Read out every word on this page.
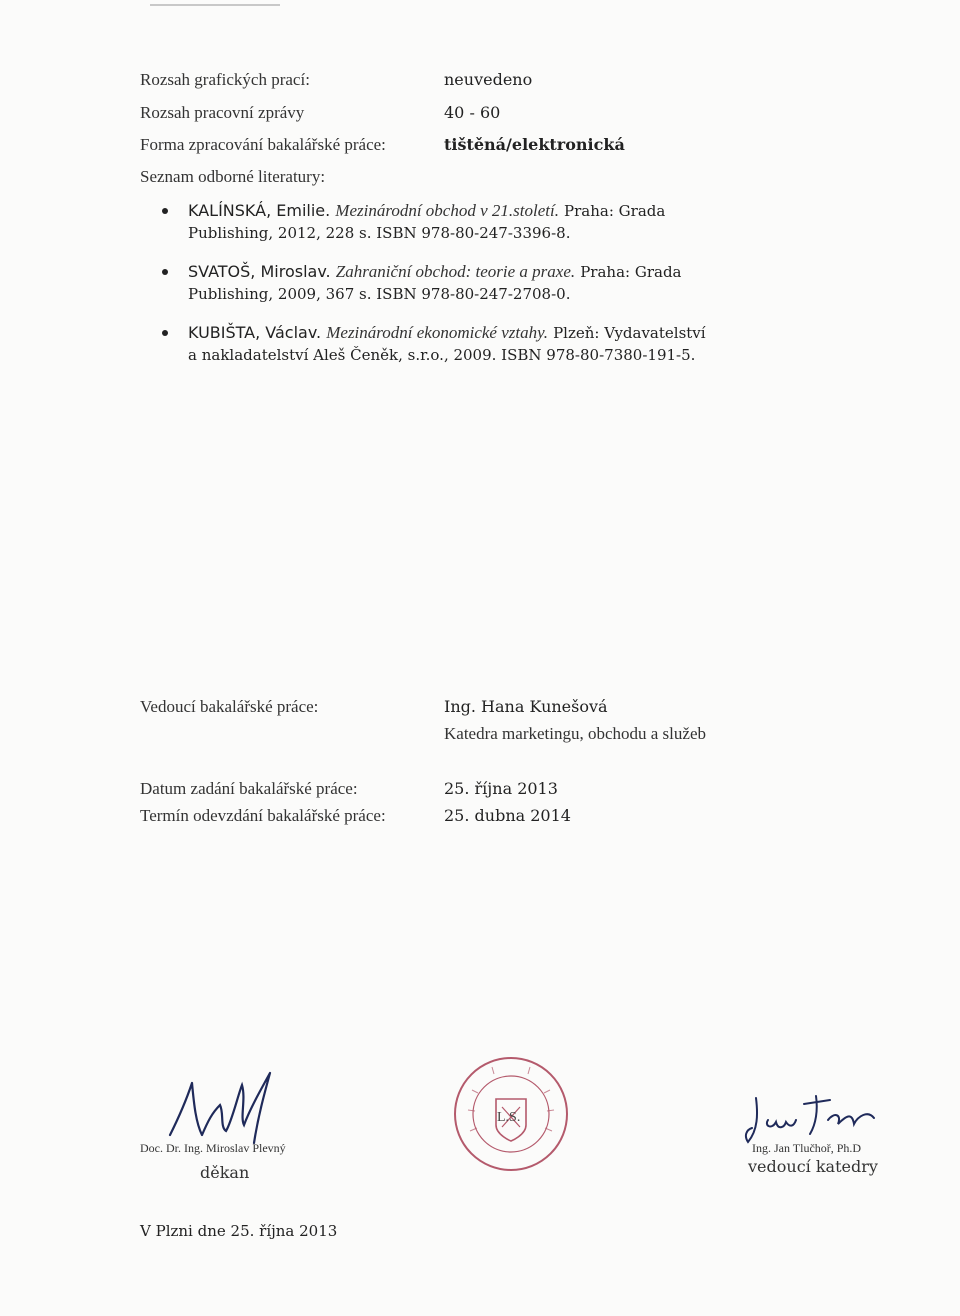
Rozsah grafických prací:	neuvedeno
Rozsah pracovní zprávy	40 - 60
Forma zpracování bakalářské práce:	tištěná/elektronická
Seznam odborné literatury:
KALÍNSKÁ, Emilie. Mezinárodní obchod v 21.století. Praha: Grada
Publishing, 2012, 228 s. ISBN 978-80-247-3396-8.
SVATOŠ, Miroslav. Zahraniční obchod: teorie a praxe. Praha: Grada
Publishing, 2009, 367 s. ISBN 978-80-247-2708-0.
KUBIŠTA, Václav. Mezinárodní ekonomické vztahy. Plzeň: Vydavatelství
a nakladatelství Aleš Čeněk, s.r.o., 2009. ISBN 978-80-7380-191-5.
Vedoucí bakalářské práce:	Ing. Hana Kunešová
Katedra marketingu, obchodu a služeb
Datum zadání bakalářské práce:	25. října 2013
Termín odevzdání bakalářské práce:	25. dubna 2014
Doc. Dr. Ing. Miroslav Plevný
děkan
L.S.
Ing. Jan Tlučhoř, Ph.D
vedoucí katedry
V Plzni dne 25. října 2013
